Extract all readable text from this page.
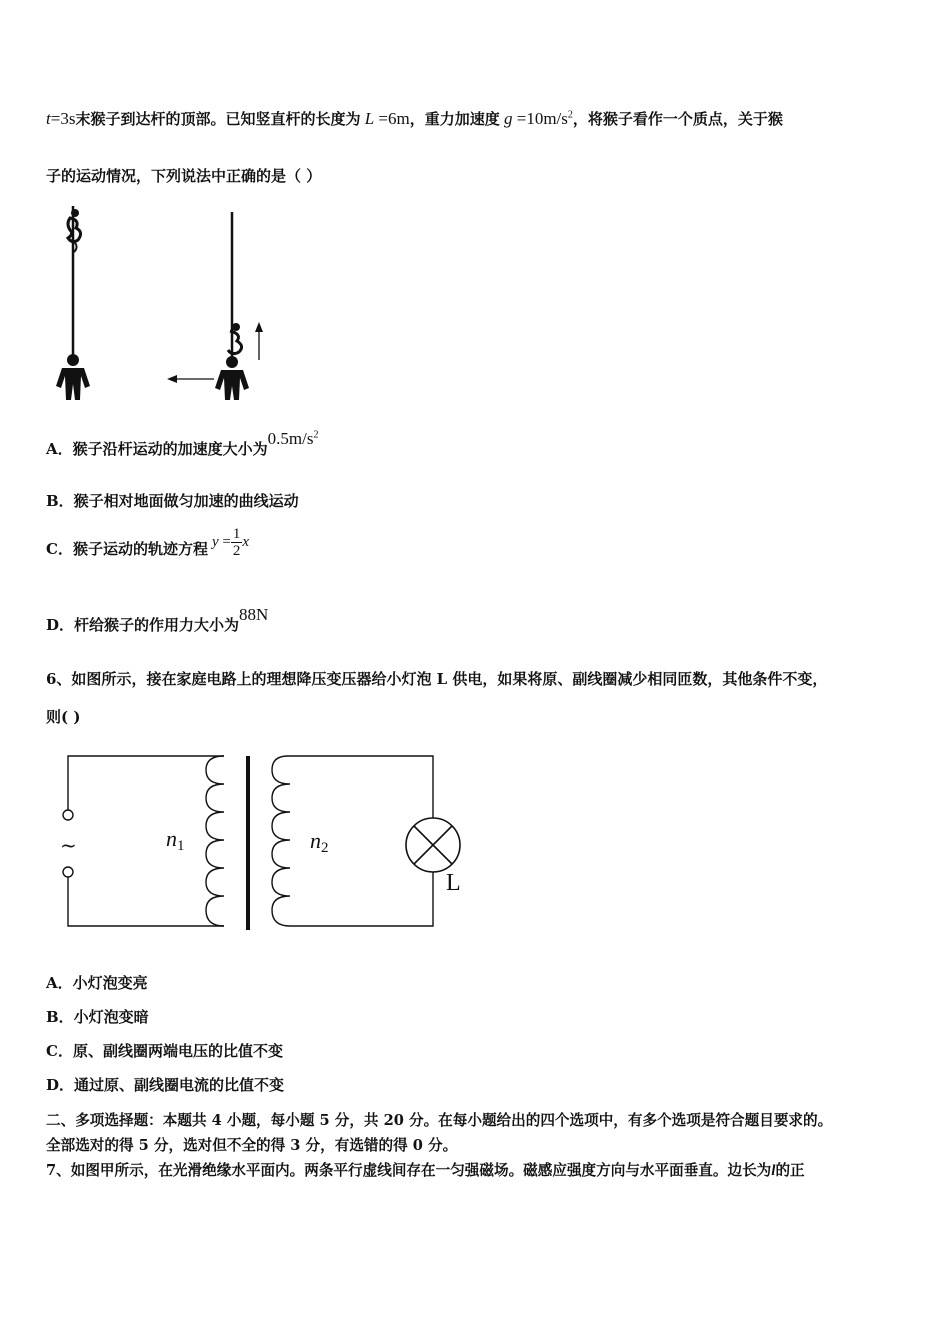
t=3s末猴子到达杆的顶部。已知竖直杆的长度为 L =6m，重力加速度 $g =10m/s^2$，将猴子看作一个质点，关于猴
子的运动情况，下列说法中正确的是（ ）
A．猴子沿杆运动的加速度大小为$0.5m/s^2$
B．猴子相对地面做匀加速的曲线运动
C．猴子运动的轨迹方程 $y = \frac{1}{2}$ x
D．杆给猴子的作用力大小为88N
6、如图所示，接在家庭电路上的理想降压变压器给小灯泡 L 供电，如果将原、副线圈减少相同匝数，其他条件不变，
则( )
~	n1	n2
L
A．小灯泡变亮
B．小灯泡变暗
C．原、副线圈两端电压的比值不变
D．通过原、副线圈电流的比值不变
二、多项选择题：本题共 4 小题，每小题 5 分，共 20 分。在每小题给出的四个选项中，有多个选项是符合题目要求的。
全部选对的得 5 分，选对但不全的得 3 分，有选错的得 0 分。
7、如图甲所示，在光滑绝缘水平面内。两条平行虚线间存在一匀强磁场。磁感应强度方向与水平面垂直。边长为l的正
